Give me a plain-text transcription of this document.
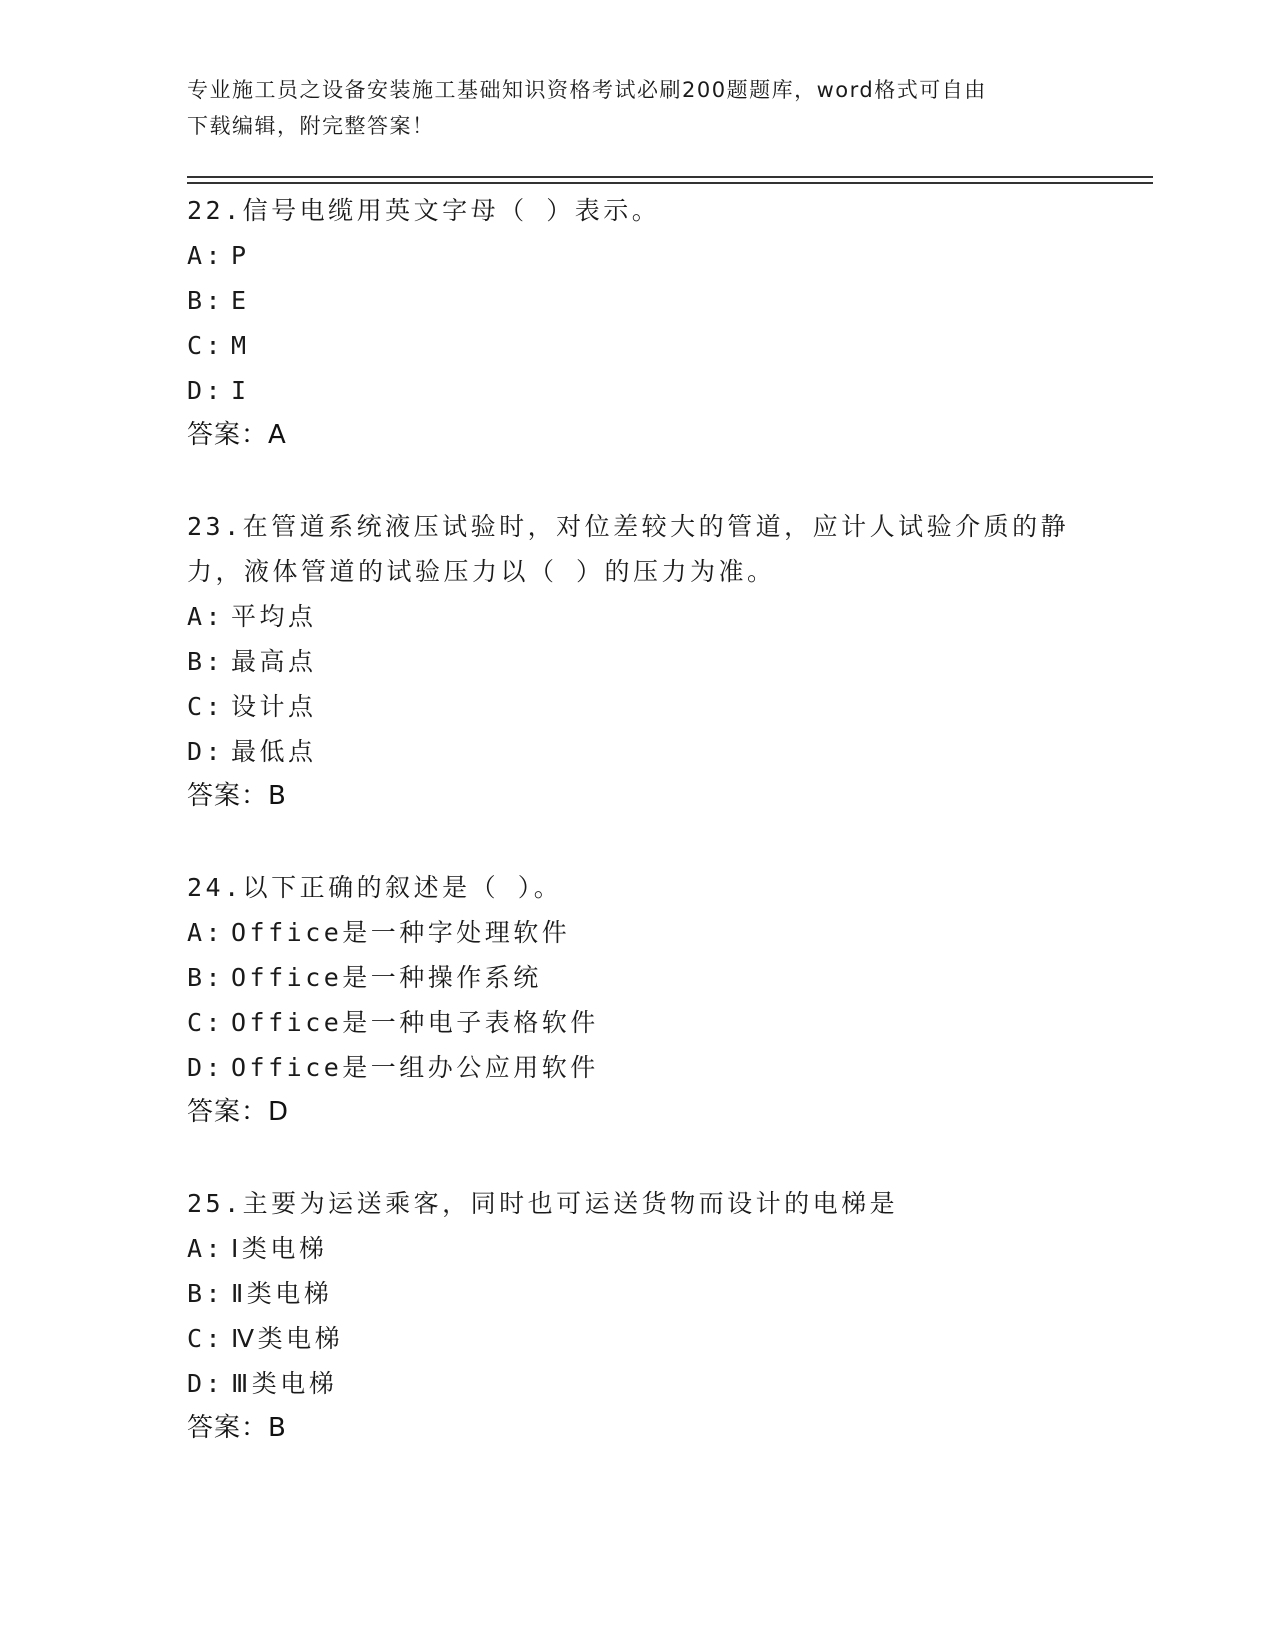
专业施工员之设备安装施工基础知识资格考试必刷200题题库，word格式可自由
下载编辑，附完整答案！

22.信号电缆用英文字母（ ）表示。

A: P

B: E

C: M

D: I

答案：A

23.在管道系统液压试验时，对位差较大的管道，应计人试验介质的静

力，液体管道的试验压力以（ ）的压力为准。

A: 平均点

B: 最高点

C: 设计点

D: 最低点

答案：B

24.以下正确的叙述是（ ）。

A: Office是一种字处理软件

B: Office是一种操作系统

C: Office是一种电子表格软件

D: Office是一组办公应用软件

答案：D

25.主要为运送乘客，同时也可运送货物而设计的电梯是

A: Ⅰ类电梯

B: Ⅱ类电梯

C: Ⅳ类电梯

D: Ⅲ类电梯

答案：B
